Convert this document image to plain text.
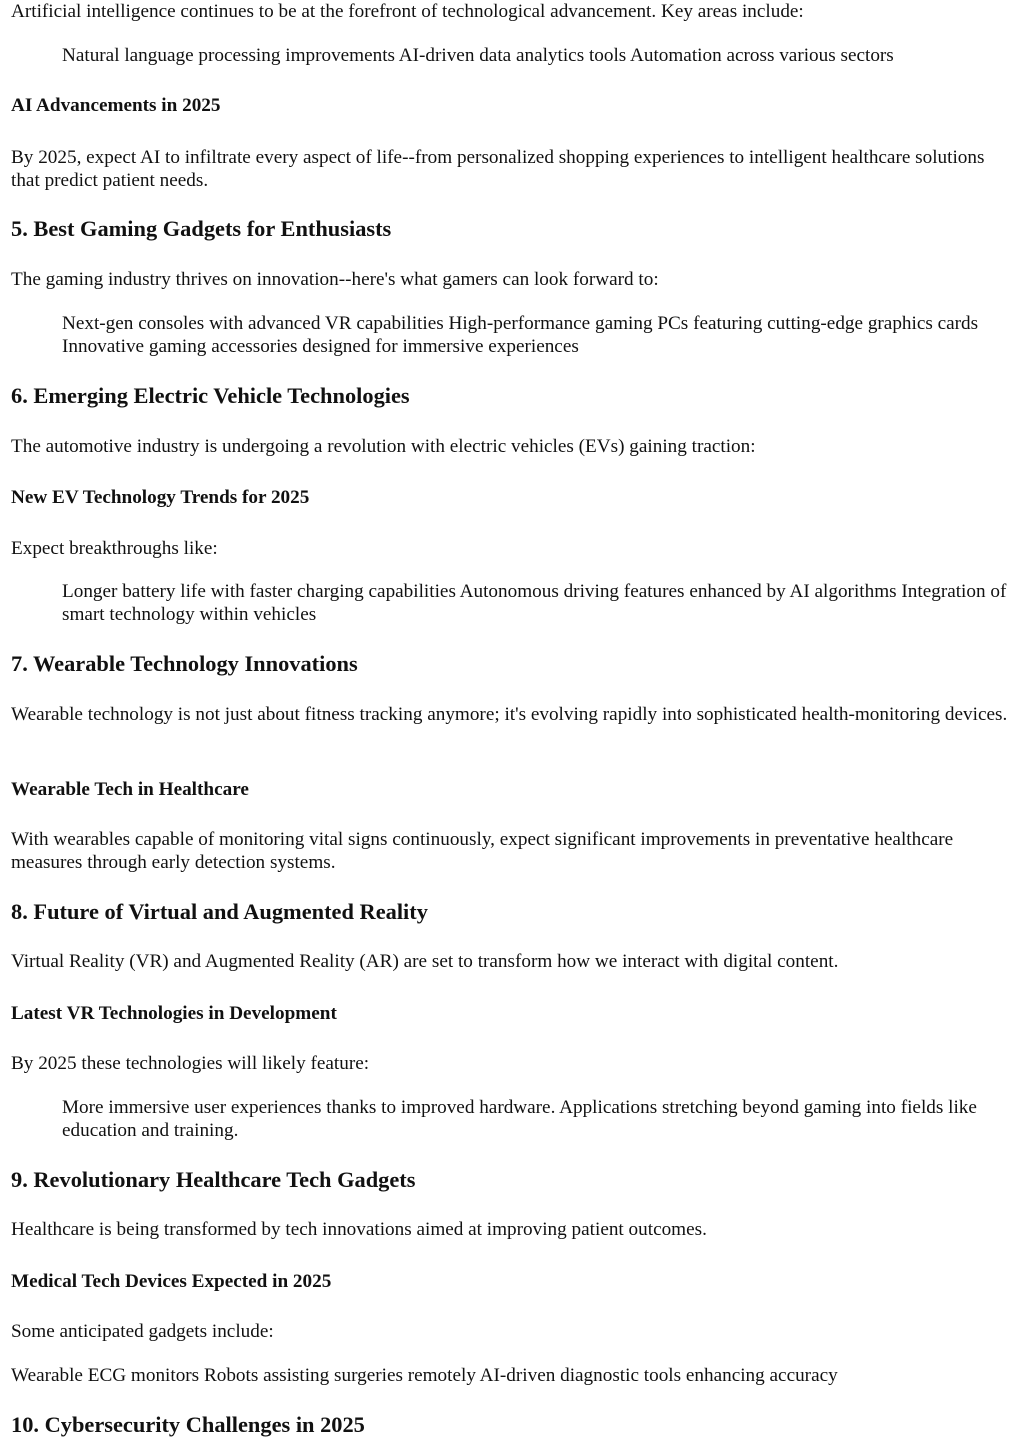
Artificial intelligence continues to be at the forefront of technological advancement. Key areas include:

Natural language processing improvements AI-driven data analytics tools Automation across various sectors
AI Advancements in 2025

By 2025, expect AI to infiltrate every aspect of life--from personalized shopping experiences to intelligent healthcare solutions that predict patient needs.

5. Best Gaming Gadgets for Enthusiasts

The gaming industry thrives on innovation--here's what gamers can look forward to:

Next-gen consoles with advanced VR capabilities High-performance gaming PCs featuring cutting-edge graphics cards Innovative gaming accessories designed for immersive experiences
6. Emerging Electric Vehicle Technologies

The automotive industry is undergoing a revolution with electric vehicles (EVs) gaining traction:

New EV Technology Trends for 2025

Expect breakthroughs like:

Longer battery life with faster charging capabilities Autonomous driving features enhanced by AI algorithms Integration of smart technology within vehicles
7. Wearable Technology Innovations

Wearable technology is not just about fitness tracking anymore; it's evolving rapidly into sophisticated health-monitoring devices.

Wearable Tech in Healthcare

With wearables capable of monitoring vital signs continuously, expect significant improvements in preventative healthcare measures through early detection systems.

8. Future of Virtual and Augmented Reality

Virtual Reality (VR) and Augmented Reality (AR) are set to transform how we interact with digital content.

Latest VR Technologies in Development

By 2025 these technologies will likely feature:

More immersive user experiences thanks to improved hardware. Applications stretching beyond gaming into fields like education and training.
9. Revolutionary Healthcare Tech Gadgets

Healthcare is being transformed by tech innovations aimed at improving patient outcomes.

Medical Tech Devices Expected in 2025

Some anticipated gadgets include:

Wearable ECG monitors Robots assisting surgeries remotely AI-driven diagnostic tools enhancing accuracy

10. Cybersecurity Challenges in 2025
